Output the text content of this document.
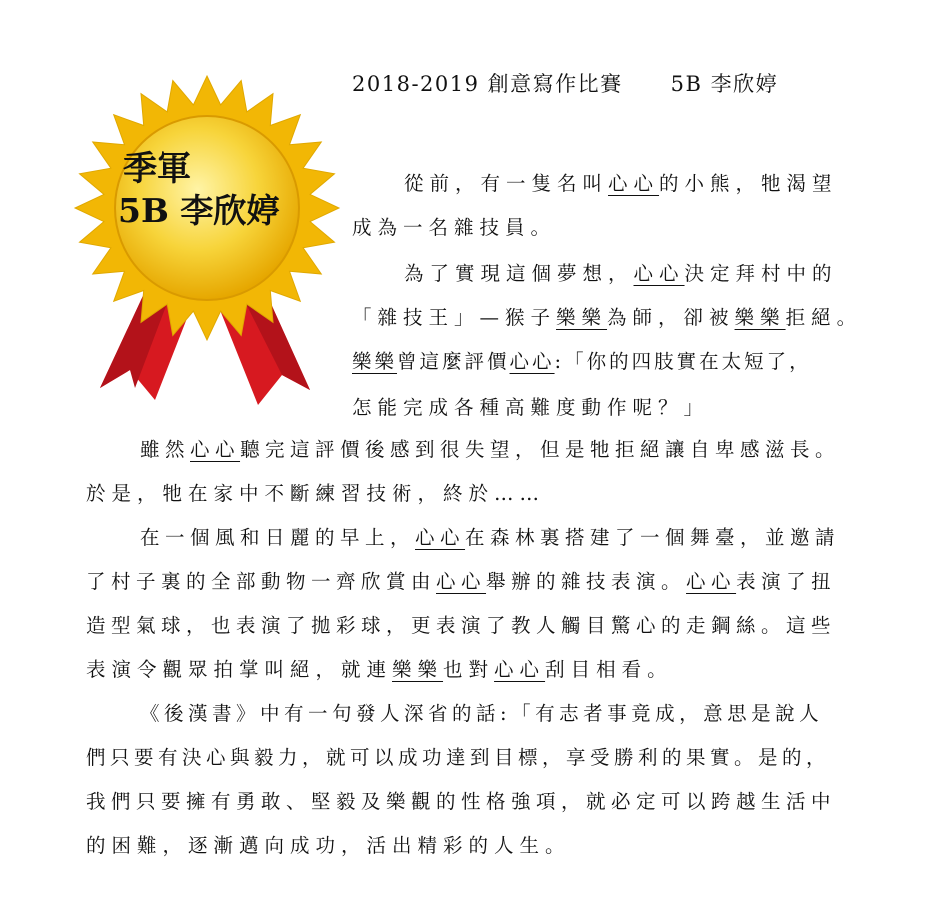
2018-2019 創意寫作比賽 5B 李欣婷
季軍
5B 李欣婷
從前，有一隻名叫心心的小熊，牠渴望
成為一名雜技員。
為了實現這個夢想，心心決定拜村中的
「雜技王」—猴子樂樂為師，卻被樂樂拒絕。
樂樂曾這麼評價心心:「你的四肢實在太短了，
怎能完成各種高難度動作呢？」
雖然心心聽完這評價後感到很失望，但是牠拒絕讓自卑感滋長。
於是，牠在家中不斷練習技術，終於……
在一個風和日麗的早上，心心在森林裏搭建了一個舞臺，並邀請
了村子裏的全部動物一齊欣賞由心心舉辦的雜技表演。心心表演了扭
造型氣球，也表演了拋彩球，更表演了教人觸目驚心的走鋼絲。這些
表演令觀眾拍掌叫絕，就連樂樂也對心心刮目相看。
《後漢書》中有一句發人深省的話:「有志者事竟成，意思是說人
們只要有決心與毅力，就可以成功達到目標，享受勝利的果實。是的，
我們只要擁有勇敢、堅毅及樂觀的性格強項，就必定可以跨越生活中
的困難，逐漸邁向成功，活出精彩的人生。
